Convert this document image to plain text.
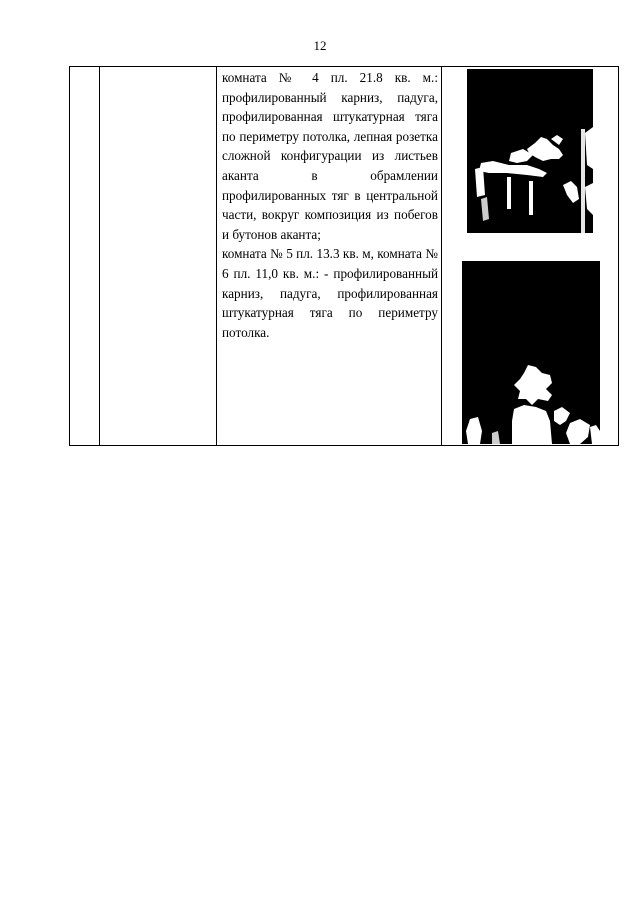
12

комната № 4 пл. 21.8 кв. м.: профилированный карниз, падуга, профилированная штукатурная тяга по периметру потолка, лепная розетка сложной конфигурации из листьев аканта в обрамлении профилированных тяг в центральной части, вокруг композиция из побегов и бутонов аканта;

комната № 5 пл. 13.3 кв. м, комната № 6 пл. 11,0 кв. м.: - профилированный карниз, падуга, профилированная штукатурная тяга по периметру потолка.
